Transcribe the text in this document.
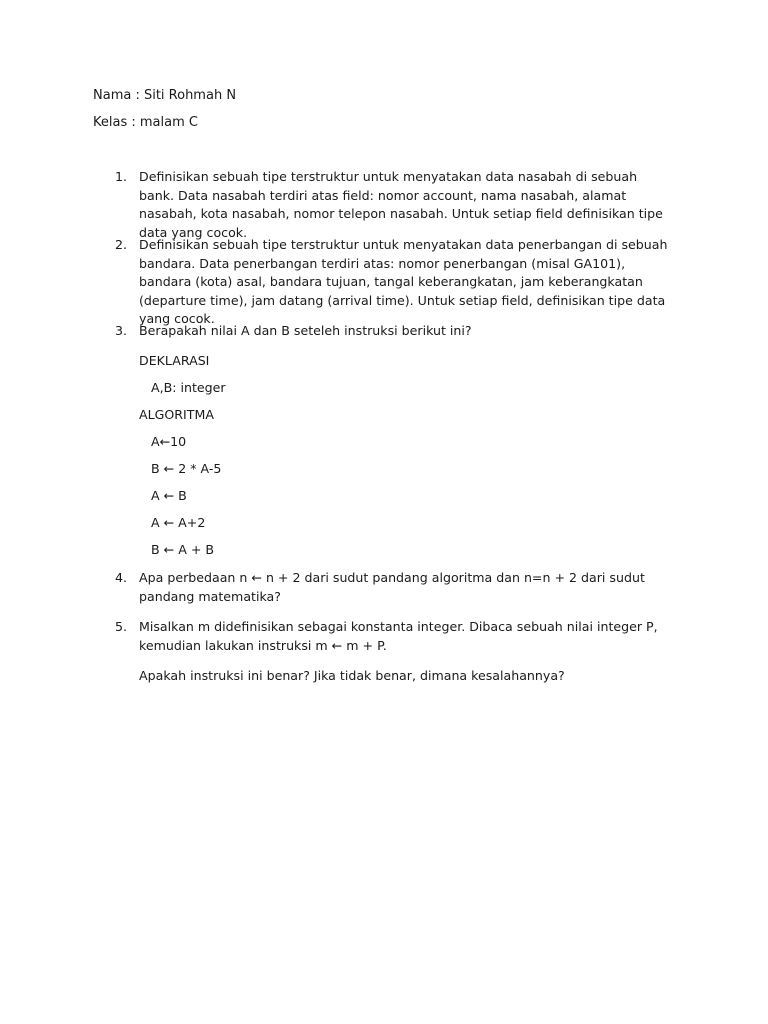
Nama : Siti Rohmah N
Kelas : malam C
1. Definisikan sebuah tipe terstruktur untuk menyatakan data nasabah di sebuah bank. Data nasabah terdiri atas field: nomor account, nama nasabah, alamat nasabah, kota nasabah, nomor telepon nasabah. Untuk setiap field definisikan tipe data yang cocok.
2. Definisikan sebuah tipe terstruktur untuk menyatakan data penerbangan di sebuah bandara. Data penerbangan terdiri atas: nomor penerbangan (misal GA101), bandara (kota) asal, bandara tujuan, tangal keberangkatan, jam keberangkatan (departure time), jam datang (arrival time). Untuk setiap field, definisikan tipe data yang cocok.
3. Berapakah nilai A dan B seteleh instruksi berikut ini?
DEKLARASI
A,B: integer
ALGORITMA
A←10
B ← 2 * A-5
A ← B
A ← A+2
B ← A + B
4. Apa perbedaan n ← n + 2 dari sudut pandang algoritma dan n=n + 2 dari sudut pandang matematika?
5. Misalkan m didefinisikan sebagai konstanta integer. Dibaca sebuah nilai integer P, kemudian lakukan instruksi m ← m + P.
Apakah instruksi ini benar? Jika tidak benar, dimana kesalahannya?
